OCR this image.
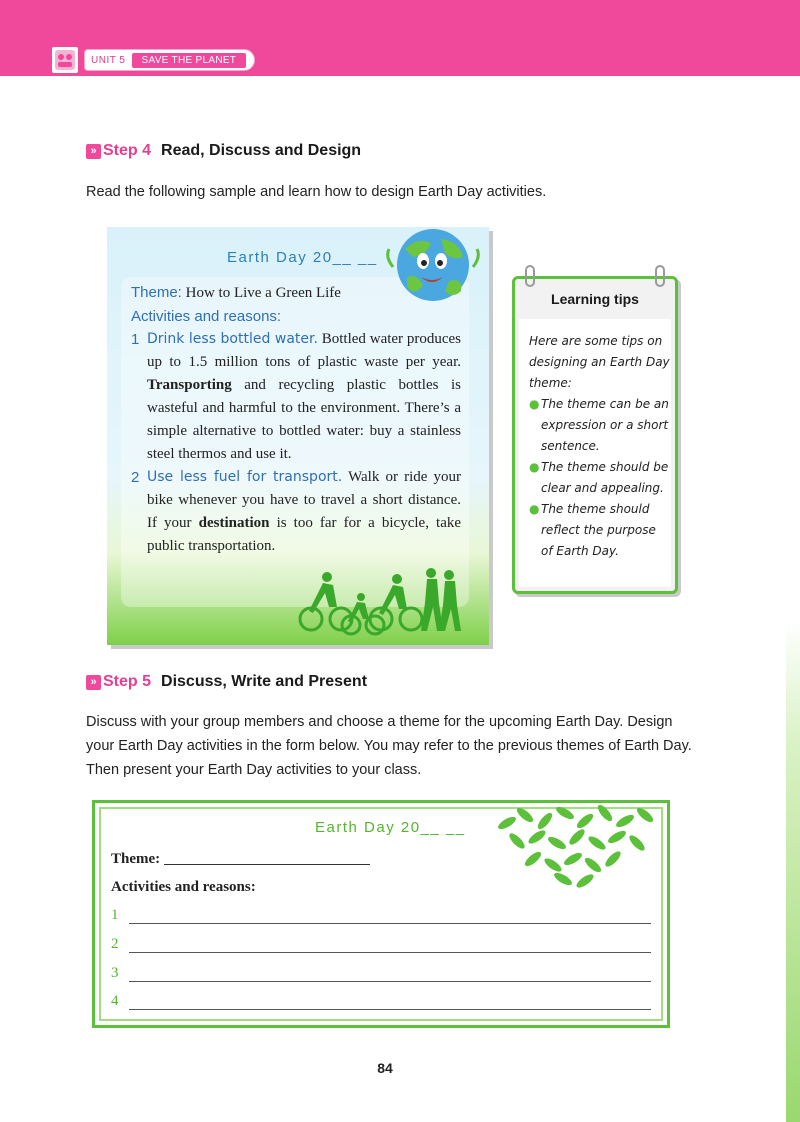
UNIT 5	SAVE THE PLANET
» Step 4 Read, Discuss and Design
Read the following sample and learn how to design Earth Day activities.
Earth Day 20__ __
Theme: How to Live a Green Life
Activities and reasons:
1 Drink less bottled water. Bottled water produces up to 1.5 million tons of plastic waste per year. Transporting and recycling plastic bottles is wasteful and harmful to the environment. There’s a simple alternative to bottled water: buy a stainless steel thermos and use it.
2 Use less fuel for transport. Walk or ride your bike whenever you have to travel a short distance. If your destination is too far for a bicycle, take public transportation.
Learning tips
Here are some tips on designing an Earth Day theme:
● The theme can be an expression or a short sentence.
● The theme should be clear and appealing.
● The theme should reflect the purpose of Earth Day.
» Step 5 Discuss, Write and Present
Discuss with your group members and choose a theme for the upcoming Earth Day. Design
your Earth Day activities in the form below. You may refer to the previous themes of Earth Day.
Then present your Earth Day activities to your class.
Earth Day 20__ __
Theme:
Activities and reasons:
1
2
3
4
84
